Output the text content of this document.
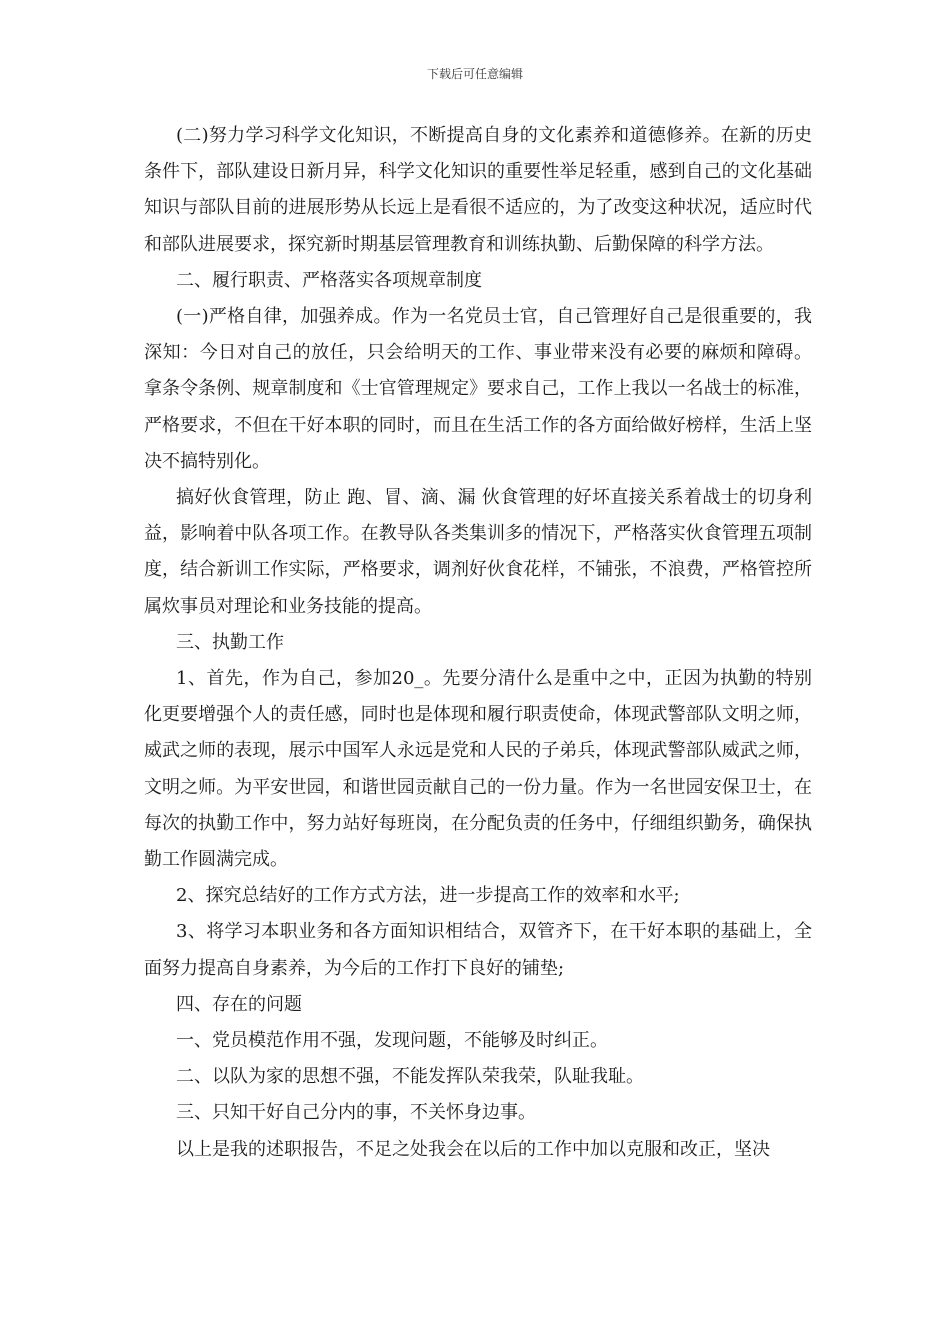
下载后可任意编辑

(二)努力学习科学文化知识，不断提高自身的文化素养和道德修养。在新的历史条件下，部队建设日新月异，科学文化知识的重要性举足轻重，感到自己的文化基础知识与部队目前的进展形势从长远上是看很不适应的，为了改变这种状况，适应时代和部队进展要求，探究新时期基层管理教育和训练执勤、后勤保障的科学方法。

二、履行职责、严格落实各项规章制度

(一)严格自律，加强养成。作为一名党员士官，自己管理好自己是很重要的，我深知：今日对自己的放任，只会给明天的工作、事业带来没有必要的麻烦和障碍。 拿条令条例、规章制度和《士官管理规定》要求自己，工作上我以一名战士的标准，严格要求，不但在干好本职的同时，而且在生活工作的各方面给做好榜样，生活上坚决不搞特别化。

搞好伙食管理，防止 跑、冒、滴、漏 伙食管理的好坏直接关系着战士的切身利益，影响着中队各项工作。在教导队各类集训多的情况下，严格落实伙食管理五项制度，结合新训工作实际，严格要求，调剂好伙食花样，不铺张，不浪费，严格管控所属炊事员对理论和业务技能的提高。

三、执勤工作

1、首先，作为自己，参加20_。先要分清什么是重中之中，正因为执勤的特别化更要增强个人的责任感，同时也是体现和履行职责使命，体现武警部队文明之师，威武之师的表现，展示中国军人永远是党和人民的子弟兵，体现武警部队威武之师，文明之师。为平安世园，和谐世园贡献自己的一份力量。作为一名世园安保卫士，在每次的执勤工作中，努力站好每班岗，在分配负责的任务中，仔细组织勤务，确保执勤工作圆满完成。

2、探究总结好的工作方式方法，进一步提高工作的效率和水平;

3、将学习本职业务和各方面知识相结合，双管齐下，在干好本职的基础上，全面努力提高自身素养，为今后的工作打下良好的铺垫;

四、存在的问题

一、党员模范作用不强，发现问题，不能够及时纠正。

二、以队为家的思想不强，不能发挥队荣我荣，队耻我耻。

三、只知干好自己分内的事，不关怀身边事。

以上是我的述职报告，不足之处我会在以后的工作中加以克服和改正，坚决
